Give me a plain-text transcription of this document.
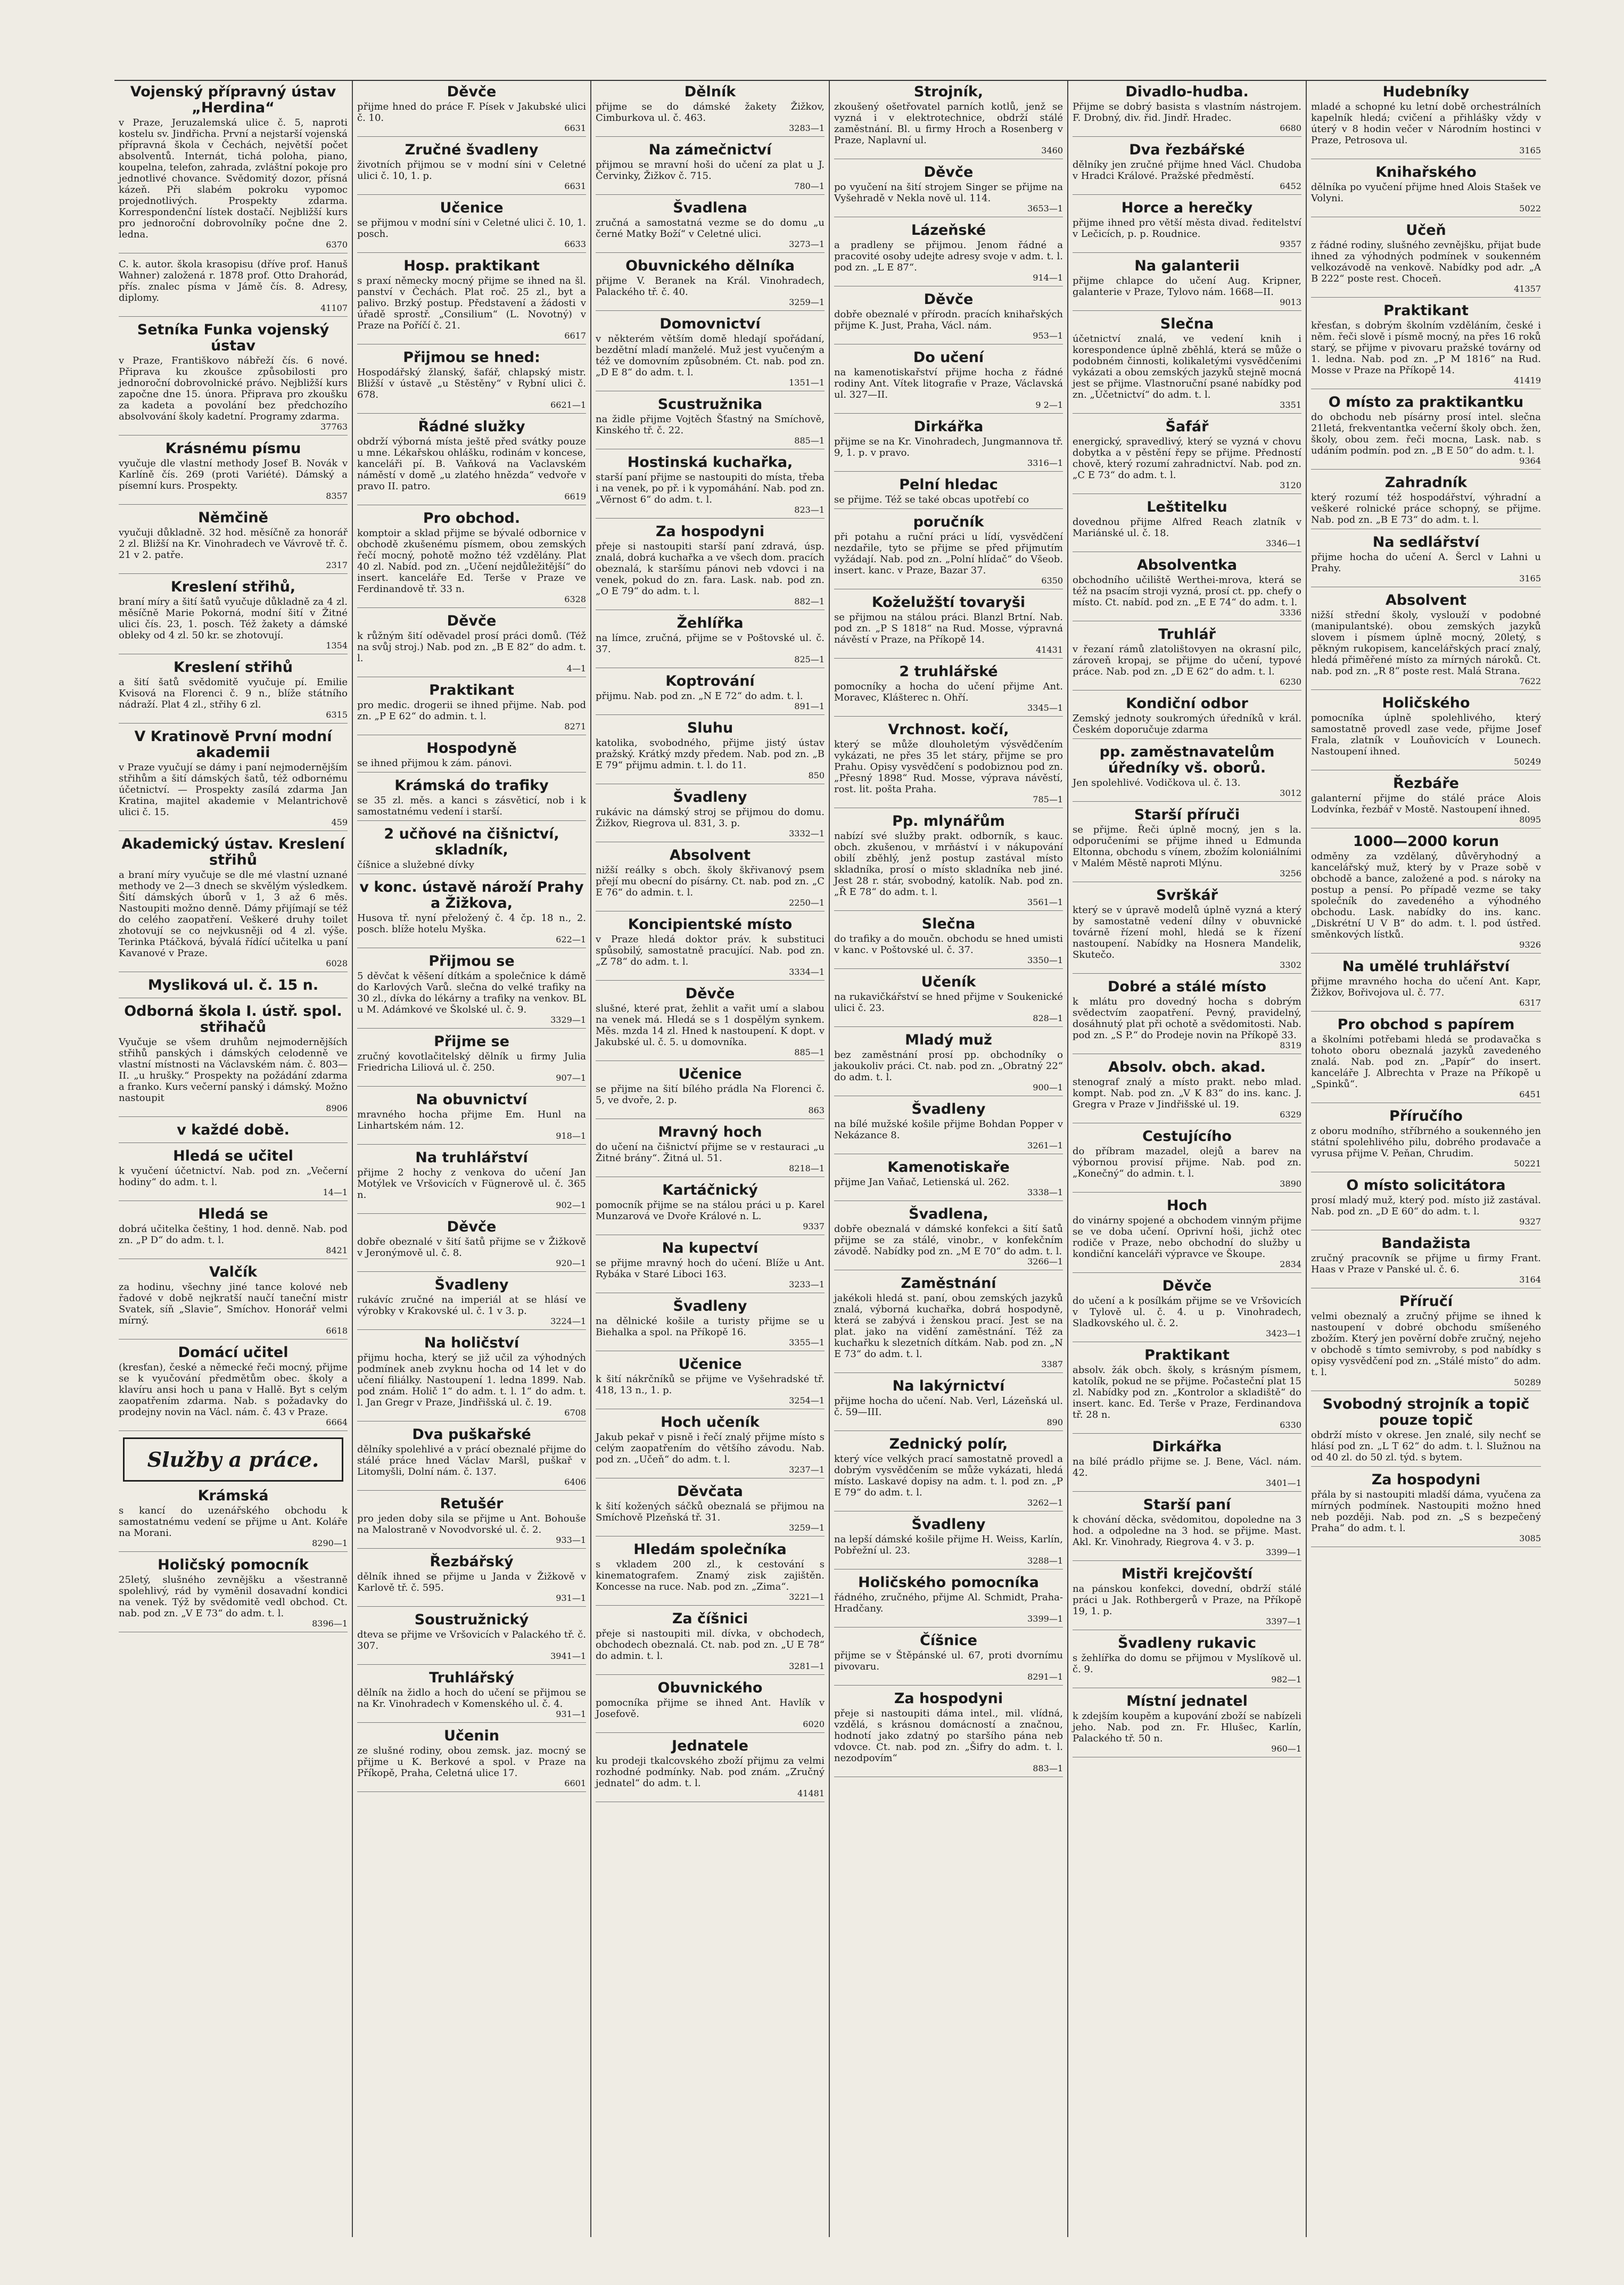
Vojenský přípravný ústav „Herdina“

v Praze, Jeruzalemská ulice č. 5, naproti kostelu sv. Jindřicha. První a nejstarší vojenská přípravná škola v Čechách, největší počet absolventů. Internát, tichá poloha, piano, koupelna, telefon, zahrada, zvláštní pokoje pro jednotlivé chovance. Svědomitý dozor, přísná kázeň. Při slabém pokroku vypomoc projednotlivých. Prospekty zdarma. Korrespondenční lístek dostačí. Nejbližší kurs pro jednoroční dobrovolníky počne dne 2. ledna.

6370

C. k. autor. škola krasopisu (dříve prof. Hanuš Wahner) založená r. 1878 prof. Otto Drahorád, přís. znalec písma v Jámě čís. 8. Adresy, diplomy.

41107
Setníka Funka vojenský ústav

v Praze, Františkovo nábřeží čís. 6 nové. Připrava ku zkoušce způsobilosti pro jednoroční dobrovolnické právo. Nejbližší kurs započne dne 15. února. Připrava pro zkoušku za kadeta a povolání bez předchozího absolvování školy kadetní. Programy zdarma.

37763
Krásnému písmu

vyučuje dle vlastní methody Josef B. Novák v Karlíně čís. 269 (proti Variété). Dámský a písemní kurs. Prospekty.

8357
Němčině

vyučuji důkladně. 32 hod. měsíčně za honorář 2 zl. Bližší na Kr. Vinohradech ve Vávrově tř. č. 21 v 2. patře.

2317
Kreslení střihů,

braní míry a šití šatů vyučuje důkladně za 4 zl. měsíčně Marie Pokorná, modní šití v Žitné ulici čís. 23, 1. posch. Též žakety a dámské obleky od 4 zl. 50 kr. se zhotovují.

1354
Kreslení střihů

a šití šatů svědomitě vyučuje pí. Emilie Kvisová na Florenci č. 9 n., blíže státního nádraží. Plat 4 zl., střihy 6 zl.

6315
V Kratinově První modní akademii

v Praze vyučují se dámy i paní nejmodernějším střihům a šití dámských šatů, též odbornému účetnictví. — Prospekty zasílá zdarma Jan Kratina, majitel akademie v Melantrichově ulici č. 15.

459
Akademický ústav. Kreslení střihů

a braní míry vyučuje se dle mé vlastní uznané methody ve 2—3 dnech se skvělým výsledkem. Šití dámských úborů v 1, 3 až 6 měs. Nastoupiti možno denně. Dámy přijímají se též do celého zaopatření. Veškeré druhy toilet zhotovují se co nejvkusněji od 4 zl. výše. Terinka Ptáčková, bývalá řídící učitelka u paní Kavanové v Praze.

6028
Mysliková ul. č. 15 n.
Odborná škola I. ústř. spol. střihačů

Vyučuje se všem druhům nejmodernějších střihů panských i dámských celodenně ve vlastní místnosti na Václavském nám. č. 803—II. „u hrušky.“ Prospekty na požádání zdarma a franko. Kurs večerní panský i dámský. Možno nastoupit

8906
v každé době.
Hledá se učitel

k vyučení účetnictví. Nab. pod zn. „Večerní hodiny“ do adm. t. l.

14—1
Hledá se

dobrá učitelka češtiny, 1 hod. denně. Nab. pod zn. „P D“ do adm. t. l.

8421
Valčík

za hodinu, všechny jiné tance kolové neb řadové v době nejkratší naučí taneční mistr Svatek, síň „Slavie“, Smíchov. Honorář velmi mírný.

6618
Domácí učitel

(kresťan), české a německé řeči mocný, přijme se k vyučování předmětům obec. školy a klavíru ansi hoch u pana v Hallě. Byt s celým zaopatřením zdarma. Nab. s požadavky do prodejny novin na Václ. nám. č. 43 v Praze.

6664
Služby a práce.
Krámská

s kancí do uzenářského obchodu k samostatnému vedení se přijme u Ant. Koláře na Morani.

8290—1
Holičský pomocník

25letý, slušného zevnějšku a všestranně spolehlivý, rád by vyměnil dosavadní kondici na venek. Týž by svědomitě vedl obchod. Ct. nab. pod zn. „V E 73“ do adm. t. l.

8396—1
Děvče

přijme hned do práce F. Písek v Jakubské ulici č. 10.

6631
Zručné švadleny

životních přijmou se v modní síni v Celetné ulici č. 10, 1. p.

6631
Učenice

se přijmou v modní síni v Celetné ulici č. 10, 1. posch.

6633
Hosp. praktikant

s praxí německy mocný přijme se ihned na šl. panství v Čechách. Plat roč. 25 zl., byt a palivo. Brzký postup. Představení a žádosti v úřadě sprostř. „Consilium“ (L. Novotný) v Praze na Poříčí č. 21.

6617
Přijmou se hned:

Hospodářský žlanský, šafář, chlapský mistr. Bližší v ústavě „u Stěstěny“ v Rybní ulici č. 678.

6621—1
Řádné služky

obdrží výborná místa ještě před svátky pouze u mne. Lékařskou ohlášku, rodinám v koncese, kanceláři pí. B. Vaňková na Vaclavském náměstí v domě „u zlatého hnězda“ vedvoře v pravo II. patro.

6619
Pro obchod.

komptoir a sklad přijme se bývalé odbornice v obchodě zkušenému písmem, obou zemských řečí mocný, pohotě možno též vzdělány. Plat 40 zl. Nabíd. pod zn. „Učení nejdůležitější“ do insert. kanceláře Ed. Terše v Praze ve Ferdinandově tř. 33 n.

6328
Děvče

k růžným šití oděvadel prosí práci domů. (Též na svůj stroj.) Nab. pod zn. „B E 82“ do adm. t. l.

4—1
Praktikant

pro medic. drogerii se ihned přijme. Nab. pod zn. „P E 62“ do admin. t. l.

8271
Hospodyně

se ihned přijmou k zám. pánovi.

Krámská do trafiky

se 35 zl. měs. a kanci s zásvěticí, nob i k samostatnému vedení i starší.

2 učňové na čišnictví, skladník,

číšnice a služebné dívky

v konc. ústavě nároží Prahy a Žižkova,

Husova tř. nyní přeložený č. 4 čp. 18 n., 2. posch. blíže hotelu Myška.

622—1
Přijmou se

5 děvčat k věšení dítkám a společnice k dámě do Karlových Varů. slečna do velké trafiky na 30 zl., dívka do lékárny a trafiky na venkov. BL u M. Adámkové ve Školské ul. č. 9.

3329—1
Přijme se

zručný kovotlačitelský dělník u firmy Julia Friedricha Liliová ul. č. 250.

907—1
Na obuvnictví

mravného hocha přijme Em. Hunl na Linhartském nám. 12.

918—1
Na truhlářství

přijme 2 hochy z venkova do učení Jan Motýlek ve Vršovicích v Fügnerově ul. č. 365 n.

902—1
Děvče

dobře obeznalé v šití šatů přijme se v Žižkově v Jeronýmově ul. č. 8.

920—1
Švadleny

rukávíc zručné na imperiál at se hlásí ve výrobky v Krakovské ul. č. 1 v 3. p.

3224—1
Na holičství

přijmu hocha, který se již učil za výhodných podmínek aneb zvyknu hocha od 14 let v do učení filiálky. Nastoupení 1. ledna 1899. Nab. pod znám. Holič 1“ do adm. t. l. 1“ do adm. t. l. Jan Gregr v Praze, Jindřišská ul. č. 19.

6708
Dva puškařské

dělníky spolehlivé a v prácí obeznalé přijme do stálé práce hned Václav Maršl, puškař v Litomyšli, Dolní nám. č. 137.

6406
Retušér

pro jeden doby sila se přijme u Ant. Bohouše na Malostraně v Novodvorské ul. č. 2.

933—1
Řezbářský

dělník ihned se přijme u Janda v Žižkově v Karlově tř. č. 595.

931—1
Soustružnický

dteva se přijme ve Vršovicích v Palackého tř. č. 307.

3941—1
Truhlářský

dělník na židlo a hoch do učení se přijmou se na Kr. Vinohradech v Komenského ul. č. 4.

931—1
Učenin

ze slušné rodiny, obou zemsk. jaz. mocný se přijme u K. Berkové a spol. v Praze na Příkopě, Praha, Celetná ulice 17.

6601
Dělník

přijme se do dámské žakety Žižkov, Cimburkova ul. č. 463.

3283—1
Na zámečnictví

přijmou se mravní hoši do učení za plat u J. Červinky, Žižkov č. 715.

780—1
Švadlena

zručná a samostatná vezme se do domu „u černé Matky Boží“ v Celetné ulici.

3273—1
Obuvnického dělníka

přijme V. Beranek na Král. Vinohradech, Palackého tř. č. 40.

3259—1
Domovnictví

v některém větším domě hledají spořádaní, bezdětní mladí manželé. Muž jest vyučeným a též ve domovním způsobném. Ct. nab. pod zn. „D E 8“ do adm. t. l.

1351—1
Scustružnika

na židle přijme Vojtěch Šťastný na Smíchově, Kinského tř. č. 22.

885—1
Hostinská kuchařka,

starší paní přijme se nastoupiti do místa, třeba i na venek, po př. i k vypomáhání. Nab. pod zn. „Věrnost 6“ do adm. t. l.

823—1
Za hospodyni

přeje si nastoupiti starší paní zdravá, úsp. znalá, dobrá kuchařka a ve všech dom. pracích obeznalá, k staršímu pánovi neb vdovci i na venek, pokud do zn. fara. Lask. nab. pod zn. „O E 79“ do adm. t. l.

882—1
Žehlířka

na límce, zručná, přijme se v Poštovské ul. č. 37.

825—1
Koptrování

přijmu. Nab. pod zn. „N E 72“ do adm. t. l.

891—1
Sluhu

katolika, svobodného, přijme jistý ústav pražský. Krátký mzdy předem. Nab. pod zn. „B E 79“ přijmu admin. t. l. do 11.

850
Švadleny

rukávic na dámský stroj se přijmou do domu. Žižkov, Riegrova ul. 831, 3. p.

3332—1
Absolvent

nižší reálky s obch. školy škřivanový psem přejí mu obecní do písárny. Ct. nab. pod zn. „C E 76“ do admin. t. l.

2250—1
Koncipientské místo

v Praze hledá doktor práv. k substituci spůsobilý, samostatně pracující. Nab. pod zn. „Z 78“ do adm. t. l.

3334—1
Děvče

slušné, které prat, žehlit a vařit umí a slabou na venek má. Hledá se s 1 dospělým synkem. Měs. mzda 14 zl. Hned k nastoupení. K dopt. v Jakubské ul. č. 5. u domovníka.

885—1
Učenice

se přijme na šití bílého prádla Na Florenci č. 5, ve dvoře, 2. p.

863
Mravný hoch

do učení na čišnictví přijme se v restauraci „u Žitné brány“. Žitná ul. 51.

8218—1
Kartáčnický

pomocník přijme se na stálou práci u p. Karel Munzarová ve Dvoře Králové n. L.

9337
Na kupectví

se přijme mravný hoch do učení. Blíže u Ant. Rybáka v Staré Liboci 163.

3233—1
Švadleny

na dělnické košile a turisty přijme se u Biehalka a spol. na Příkopě 16.

3355—1
Učenice

k šití nákrčníků se přijme ve Vyšehradské tř. 418, 13 n., 1. p.

3254—1
Hoch učeník

Jakub pekař v pisně i řečí znalý přijme místo s celým zaopatřením do většího závodu. Nab. pod zn. „Učeň“ do adm. t. l.

3237—1
Děvčata

k šití kožených sáčků obeznalá se přijmou na Smíchově Plzeňská tř. 31.

3259—1
Hledám společníka

s vkladem 200 zl., k cestování s kinematografem. Znamý zisk zajištěn. Koncesse na ruce. Nab. pod zn. „Zima“.

3221—1
Za číšnici

přeje si nastoupiti mil. dívka, v obchodech, obchodech obeznalá. Ct. nab. pod zn. „U E 78“ do admin. t. l.

3281—1
Obuvnického

pomocníka přijme se ihned Ant. Havlík v Josefově.

6020
Jednatele

ku prodeji tkalcovského zboží přijmu za velmi rozhodné podmínky. Nab. pod znám. „Zručný jednatel“ do adm. t. l.

41481
Strojník,

zkoušený ošetřovatel parních kotlů, jenž se vyzná i v elektrotechnice, obdrží stálé zaměstnání. Bl. u firmy Hroch a Rosenberg v Praze, Naplavní ul.

3460
Děvče

po vyučení na šití strojem Singer se přijme na Vyšehradě v Nekla nově ul. 114.

3653—1
Lázeňské

a pradleny se přijmou. Jenom řádné a pracovité osoby udejte adresy svoje v adm. t. l. pod zn. „L E 87“.

914—1
Děvče

dobře obeznalé v přírodn. pracích knihařských přijme K. Just, Praha, Václ. nám.

953—1
Do učení

na kamenotiskařství přijme hocha z řádné rodiny Ant. Vítek litografie v Praze, Václavská ul. 327—II.

9 2—1
Dirkářka

přijme se na Kr. Vinohradech, Jungmannova tř. 9, 1. p. v pravo.

3316—1
Pelní hledac

se přijme. Též se také obcas upotřebí co

poručník

při potahu a ruční práci u lídí, vysvědčení nezdařile, tyto se přijme se před přijmutím vyžádají. Nab. pod zn. „Polní hlídač“ do Všeob. insert. kanc. v Praze, Bazar 37.

6350
Koželužští tovaryši

se přijmou na stálou práci. Blanzl Brtní. Nab. pod zn. „P S 1818“ na Rud. Mosse, výpravná návěstí v Praze, na Příkopě 14.

41431
2 truhlářské

pomocníky a hocha do učení přijme Ant. Moravec, Klášterec n. Ohří.

3345—1
Vrchnost. kočí,

který se může dlouholetým výsvědčením vykázati, ne přes 35 let stáry, přijme se pro Prahu. Opisy vysvědčení s podobiznou pod zn. „Přesný 1898“ Rud. Mosse, výprava návěstí, rost. lit. pošta Praha.

785—1
Pp. mlynářům

nabízí své služby prakt. odborník, s kauc. obch. zkušenou, v mrňáství i v nákupování obilí zběhlý, jenž postup zastával místo skladníka, prosí o místo skladníka neb jiné. Jest 28 r. stár, svobodný, katolík. Nab. pod zn. „Ř E 78“ do adm. t. l.

3561—1
Slečna

do trafiky a do moučn. obchodu se hned umisti v kanc. v Poštovské ul. č. 37.

3350—1
Učeník

na rukavičkářství se hned přijme v Soukenické ulici č. 23.

828—1
Mladý muž

bez zaměstnání prosí pp. obchodníky o jakoukoliv práci. Ct. nab. pod zn. „Obratný 22“ do adm. t. l.

900—1
Švadleny

na bílé mužské košile přijme Bohdan Popper v Nekázance 8.

3261—1
Kamenotiskaře

přijme Jan Vaňač, Letienská ul. 262.

3338—1
Švadlena,

dobře obeznalá v dámské konfekci a šití šatů přijme se za stálé, vinobr., v konfekčním závodě. Nabídky pod zn. „M E 70“ do adm. t. l.

3266—1
Zaměstnání

jakékoli hledá st. paní, obou zemských jazyků znalá, výborná kuchařka, dobrá hospodyně, která se zabývá i ženskou prací. Jest se na plat. jako na vidění zaměstnání. Též za kuchařku k slezetních dítkám. Nab. pod zn. „N E 73“ do adm. t. l.

3387
Na lakýrnictví

přijme hocha do učení. Nab. Verl, Lázeňská ul. č. 59—III.

890
Zednický polír,

který více velkých prací samostatně provedl a dobrým vysvědčením se může vykázati, hledá místo. Laskavé dopisy na adm. t. l. pod zn. „P E 79“ do adm. t. l.

3262—1
Švadleny

na lepší dámské košile přijme H. Weiss, Karlín, Pobřežní ul. 23.

3288—1
Holičského pomocníka

řádného, zručného, přijme Al. Schmidt, Praha-Hradčany.

3399—1
Číšnice

přijme se v Štěpánské ul. 67, proti dvornímu pivovaru.

8291—1
Za hospodyni

přeje si nastoupiti dáma intel., mil. vlídná, vzdělá, s krásnou domácností a značnou, hodnotí jako zdatný po staršího pána neb vdovce. Ct. nab. pod zn. „Šifry do adm. t. l. nezodpovím“

883—1
Divadlo-hudba.

Přijme se dobrý basista s vlastním nástrojem. F. Drobný, div. řid. Jindř. Hradec.

6680
Dva řezbářské

dělníky jen zručné přijme hned Václ. Chudoba v Hradci Králové. Pražské předměstí.

6452
Horce a herečky

přijme ihned pro větší města divad. ředitelství v Lečicích, p. p. Roudnice.

9357
Na galanterii

přijme chlapce do učení Aug. Kripner, galanterie v Praze, Tylovo nám. 1668—II.

9013
Slečna

účetnictví znalá, ve vedení knih i korespondence úplně zběhlá, která se může o podobném činnosti, kolikaletými vysvědčeními vykázati a obou zemských jazyků stejně mocná jest se přijme. Vlastnoruční psané nabídky pod zn. „Účetnictví“ do adm. t. l.

3351
Šafář

energický, spravedlivý, který se vyzná v chovu dobytka a v pěstění řepy se přijme. Předností chově, který rozumí zahradnictví. Nab. pod zn. „C E 73“ do adm. t. l.

3120
Leštitelku

dovednou přijme Alfred Reach zlatník v Mariánské ul. č. 18.

3346—1
Absolventka

obchodního učiliště Werthei-mrova, která se též na psacím stroji vyzná, prosí ct. pp. chefy o místo. Ct. nabíd. pod zn. „E E 74“ do adm. t. l.

3336
Truhlář

v řezaní rámů zlatolištovyen na okrasní pilc, zároveň kropaj, se přijme do učení, typové práce. Nab. pod zn. „D E 62“ do adm. t. l.

6230
Kondiční odbor

Zemský jednoty soukromých úředníků v král. Českém doporučuje zdarma

pp. zaměstnavatelům úředníky vš. oborů.

Jen spolehlivé. Vodičkova ul. č. 13.

3012
Starší příruči

se přijme. Řeči úplně mocný, jen s la. odporučeními se přijme ihned u Edmunda Eltonna, obchodu s vínem, zbožím koloniálními v Malém Městě naproti Mlýnu.

3256
Svrškář

který se v úpravě modelů úplně vyzná a který by samostatně vedení dílny v obuvnické továrně řízení mohl, hledá se k řízení nastoupení. Nabídky na Hosnera Mandelik, Skutečo.

3302
Dobré a stálé místo

k mlátu pro dovedný hocha s dobrým svědectvím zaopatření. Pevný, pravidelný, dosáhnutý plat při ochotě a svědomitosti. Nab. pod zn. „S P.“ do Prodeje novin na Příkopě 33.

8319
Absolv. obch. akad.

stenograf znalý a místo prakt. nebo mlad. kompt. Nab. pod zn. „V K 83“ do ins. kanc. J. Gregra v Praze v Jindřišské ul. 19.

6329
Cestujícího

do příbram mazadel, olejů a barev na výbornou provisí přijme. Nab. pod zn. „Konečný“ do admin. t. l.

3890
Hoch

do vinárny spojené a obchodem vinným přijme se ve doba učení. Oprivní hoši, jichž otec rodiče v Praze, nebo obchodní do služby u kondiční kanceláři výpravce ve Škoupe.

2834
Děvče

do učení a k posílkám přijme se ve Vršovicích v Tylově ul. č. 4. u p. Vinohradech, Sladkovského ul. č. 2.

3423—1
Praktikant

absolv. žák obch. školy, s krásným písmem, katolík, pokud ne se přijme. Počasteční plat 15 zl. Nabídky pod zn. „Kontrolor a skladiště“ do insert. kanc. Ed. Terše v Praze, Ferdinandova tř. 28 n.

6330
Dirkářka

na bílé prádlo přijme se. J. Bene, Václ. nám. 42.

3401—1
Starší paní

k chování děcka, svědomitou, dopoledne na 3 hod. a odpoledne na 3 hod. se přijme. Mast. Akl. Kr. Vinohrady, Riegrova 4. v 3. p.

3399—1
Mistři krejčovští

na pánskou konfekci, dovední, obdrží stálé práci u Jak. Rothbergerů v Praze, na Příkopě 19, 1. p.

3397—1
Švadleny rukavic

s žehlířka do domu se přijmou v Myslíkově ul. č. 9.

982—1
Místní jednatel

k zdejším koupěm a kupování zboží se nabízeli jeho. Nab. pod zn. Fr. Hlušec, Karlín, Palackého tř. 50 n.

960—1
Hudebníky

mladé a schopné ku letní době orchestrálních kapelník hledá; cvičení a přihlášky vždy v úterý v 8 hodin večer v Národním hostinci v Praze, Petrosova ul.

3165
Knihařského

dělníka po vyučení přijme hned Alois Stašek ve Volyni.

5022
Učeň

z řádné rodiny, slušného zevnějšku, přijat bude ihned za výhodných podmínek v soukenném velkozávodě na venkově. Nabídky pod adr. „A B 222“ poste rest. Choceň.

41357
Praktikant

křesťan, s dobrým školním vzděláním, české i něm. řeči slově i písmě mocný, na přes 16 roků starý, se přijme v pivovaru pražské továrny od 1. ledna. Nab. pod zn. „P M 1816“ na Rud. Mosse v Praze na Příkopě 14.

41419
O místo za praktikantku

do obchodu neb písárny prosí intel. slečna 21letá, frekventantka večerní školy obch. žen, školy, obou zem. řeči mocna, Lask. nab. s udáním podmín. pod zn. „B E 50“ do adm. t. l.

9364
Zahradník

který rozumí též hospodářství, výhradní a veškeré rolnické práce schopný, se přijme. Nab. pod zn. „B E 73“ do adm. t. l.

Na sedlářství

přijme hocha do učení A. Šercl v Lahni u Prahy.

3165
Absolvent

nižší střední školy, vyslouží v podobné (manipulantské). obou zemských jazyků slovem i písmem úplně mocný, 20letý, s pěkným rukopisem, kancelářských prací znalý, hledá přiměřené místo za mírných nároků. Ct. nab. pod zn. „R 8“ poste rest. Malá Strana.

7622
Holičského

pomocníka úplně spolehlivého, který samostatně provedl zase vede, přijme Josef Frala, zlatník v Louňovicích v Lounech. Nastoupení ihned.

50249
Řezbáře

galanterní přijme do stálé práce Alois Lodvínka, řezbář v Mostě. Nastoupení ihned.

8095
1000—2000 korun

odměny za vzdělaný, důvěryhodný a kancelářský muž, který by v Praze sobě v obchodě a bance, založené a pod. s nároky na postup a pensí. Po případě vezme se taky společník do zavedeného a výhodného obchodu. Lask. nabídky do ins. kanc. „Diskrétní U V B“ do adm. t. l. pod ústřed. směnkových lístků.

9326
Na umělé truhlářství

přijme mravného hocha do učení Ant. Kapr, Žižkov, Bořivojova ul. č. 77.

6317
Pro obchod s papírem

a školními potřebami hledá se prodavačka s tohoto oboru obeznalá jazyků zavedeného znalá. Nab. pod zn. „Papír“ do insert. kanceláře J. Albrechta v Praze na Příkopě u „Spinků“.

6451
Příručího

z oboru modního, stříbrného a soukenného jen státní spolehlivého pilu, dobrého prodavače a vyrusa přijme V. Peňan, Chrudim.

50221
O místo solicitátora

prosí mladý muž, který pod. místo již zastával. Nab. pod zn. „D E 60“ do adm. t. l.

9327
Bandažista

zručný pracovník se přijme u firmy Frant. Haas v Praze v Panské ul. č. 6.

3164
Příručí

velmi obeznalý a zručný přijme se ihned k nastoupení v dobré obchodu smíšeného zbožím. Který jen pověrní dobře zručný, nejeho v obchodě s tímto semivroby, s pod nabídky s opisy vysvědčení pod zn. „Stálé místo“ do adm. t. l.

50289
Svobodný strojník a topič pouze topič

obdrží místo v okrese. Jen znalé, sily nechť se hlásí pod zn. „L T 62“ do adm. t. l. Služnou na od 40 zl. do 50 zl. týd. s bytem.

Za hospodyni

přála by si nastoupiti mladší dáma, vyučena za mírných podmínek. Nastoupiti možno hned neb později. Nab. pod zn. „S s bezpečený Praha“ do adm. t. l.

3085
